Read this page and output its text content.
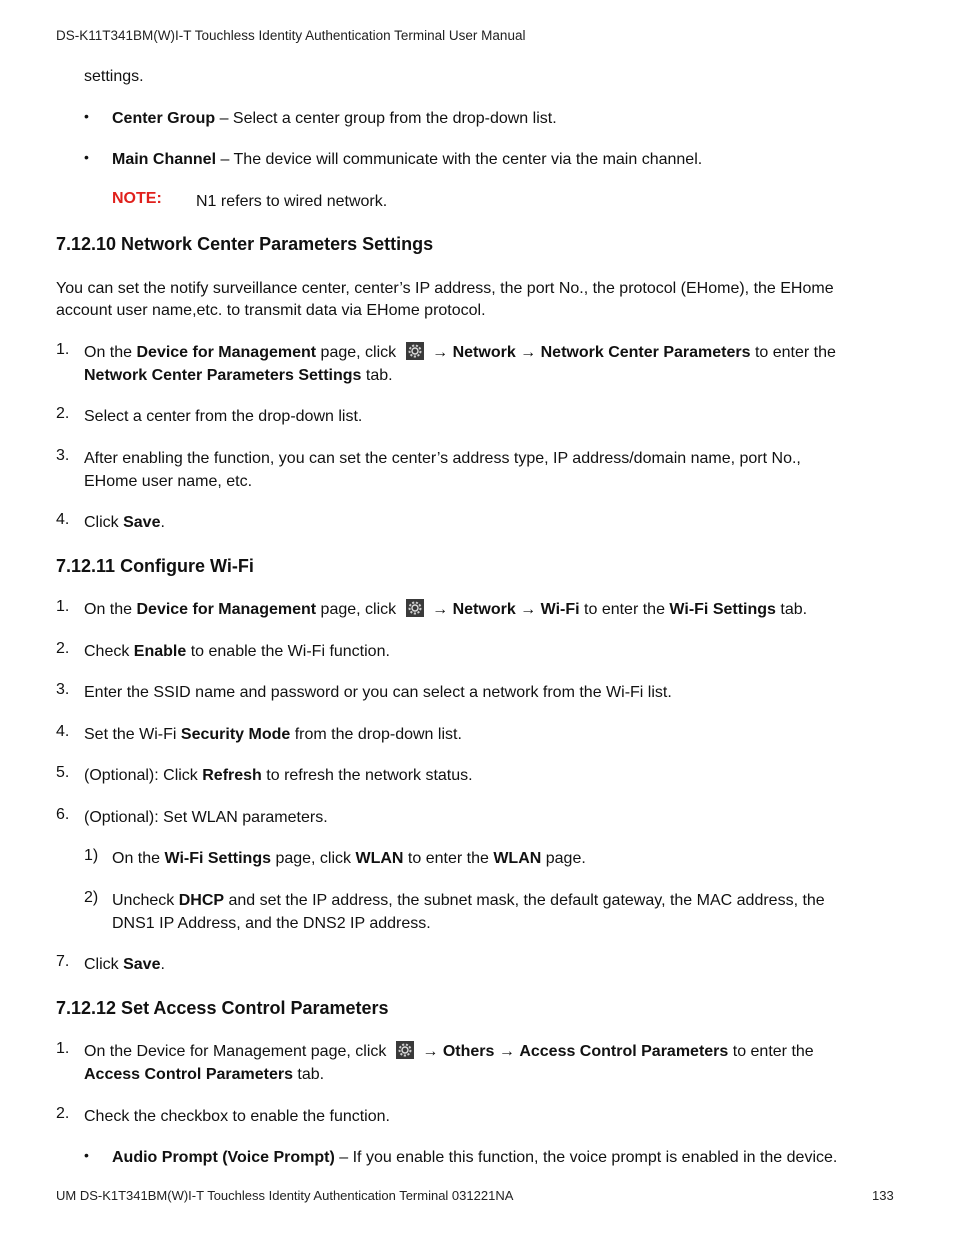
DS-K11T341BM(W)I-T Touchless Identity Authentication Terminal User Manual
settings.
• Center Group – Select a center group from the drop-down list.
• Main Channel – The device will communicate with the center via the main channel.
NOTE: N1 refers to wired network.
7.12.10 Network Center Parameters Settings
You can set the notify surveillance center, center’s IP address, the port No., the protocol (EHome), the EHome
account user name,etc. to transmit data via EHome protocol.
1. On the Device for Management page, click → Network → Network Center Parameters to enter the
Network Center Parameters Settings tab.
2. Select a center from the drop-down list.
3. After enabling the function, you can set the center’s address type, IP address/domain name, port No.,
EHome user name, etc.
4. Click Save.
7.12.11 Configure Wi-Fi
1. On the Device for Management page, click → Network → Wi-Fi to enter the Wi-Fi Settings tab.
2. Check Enable to enable the Wi-Fi function.
3. Enter the SSID name and password or you can select a network from the Wi-Fi list.
4. Set the Wi-Fi Security Mode from the drop-down list.
5. (Optional): Click Refresh to refresh the network status.
6. (Optional): Set WLAN parameters.
1) On the Wi-Fi Settings page, click WLAN to enter the WLAN page.
2) Uncheck DHCP and set the IP address, the subnet mask, the default gateway, the MAC address, the
DNS1 IP Address, and the DNS2 IP address.
7. Click Save.
7.12.12 Set Access Control Parameters
1. On the Device for Management page, click → Others → Access Control Parameters to enter the
Access Control Parameters tab.
2. Check the checkbox to enable the function.
• Audio Prompt (Voice Prompt) – If you enable this function, the voice prompt is enabled in the device.
UM DS-K1T341BM(W)I-T Touchless Identity Authentication Terminal 031221NA	133
